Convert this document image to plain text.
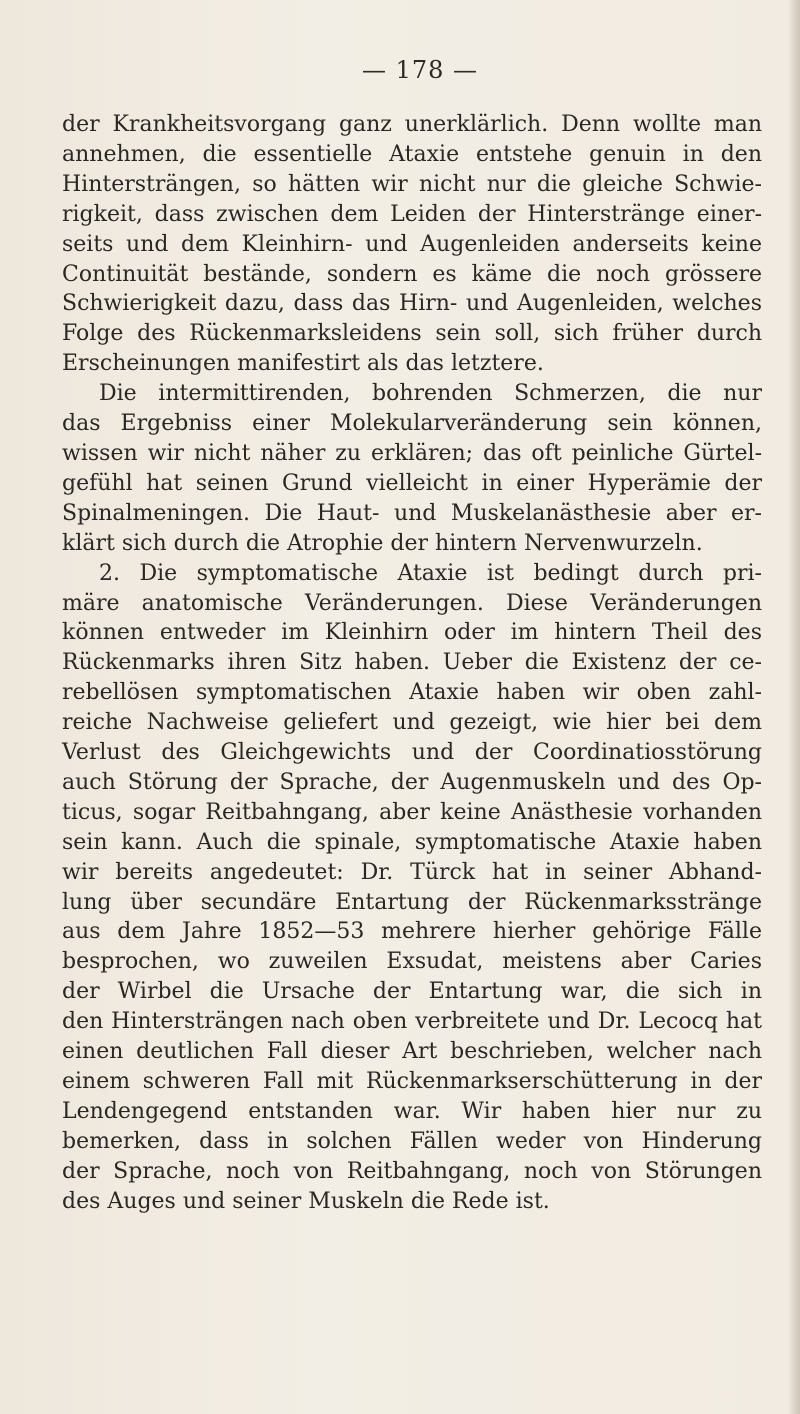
— 178 —
der Krankheitsvorgang ganz unerklärlich. Denn wollte man
annehmen, die essentielle Ataxie entstehe genuin in den
Hintersträngen, so hätten wir nicht nur die gleiche Schwie-
rigkeit, dass zwischen dem Leiden der Hinterstränge einer-
seits und dem Kleinhirn- und Augenleiden anderseits keine
Continuität bestände, sondern es käme die noch grössere
Schwierigkeit dazu, dass das Hirn- und Augenleiden, welches
Folge des Rückenmarksleidens sein soll, sich früher durch
Erscheinungen manifestirt als das letztere.
Die intermittirenden, bohrenden Schmerzen, die nur
das Ergebniss einer Molekularveränderung sein können,
wissen wir nicht näher zu erklären; das oft peinliche Gürtel-
gefühl hat seinen Grund vielleicht in einer Hyperämie der
Spinalmeningen. Die Haut- und Muskelanästhesie aber er-
klärt sich durch die Atrophie der hintern Nervenwurzeln.
2. Die symptomatische Ataxie ist bedingt durch pri-
märe anatomische Veränderungen. Diese Veränderungen
können entweder im Kleinhirn oder im hintern Theil des
Rückenmarks ihren Sitz haben. Ueber die Existenz der ce-
rebellösen symptomatischen Ataxie haben wir oben zahl-
reiche Nachweise geliefert und gezeigt, wie hier bei dem
Verlust des Gleichgewichts und der Coordinatiosstörung
auch Störung der Sprache, der Augenmuskeln und des Op-
ticus, sogar Reitbahngang, aber keine Anästhesie vorhanden
sein kann. Auch die spinale, symptomatische Ataxie haben
wir bereits angedeutet: Dr. Türck hat in seiner Abhand-
lung über secundäre Entartung der Rückenmarksstränge
aus dem Jahre 1852—53 mehrere hierher gehörige Fälle
besprochen, wo zuweilen Exsudat, meistens aber Caries
der Wirbel die Ursache der Entartung war, die sich in
den Hintersträngen nach oben verbreitete und Dr. Lecocq hat
einen deutlichen Fall dieser Art beschrieben, welcher nach
einem schweren Fall mit Rückenmarkserschütterung in der
Lendengegend entstanden war. Wir haben hier nur zu
bemerken, dass in solchen Fällen weder von Hinderung
der Sprache, noch von Reitbahngang, noch von Störungen
des Auges und seiner Muskeln die Rede ist.
